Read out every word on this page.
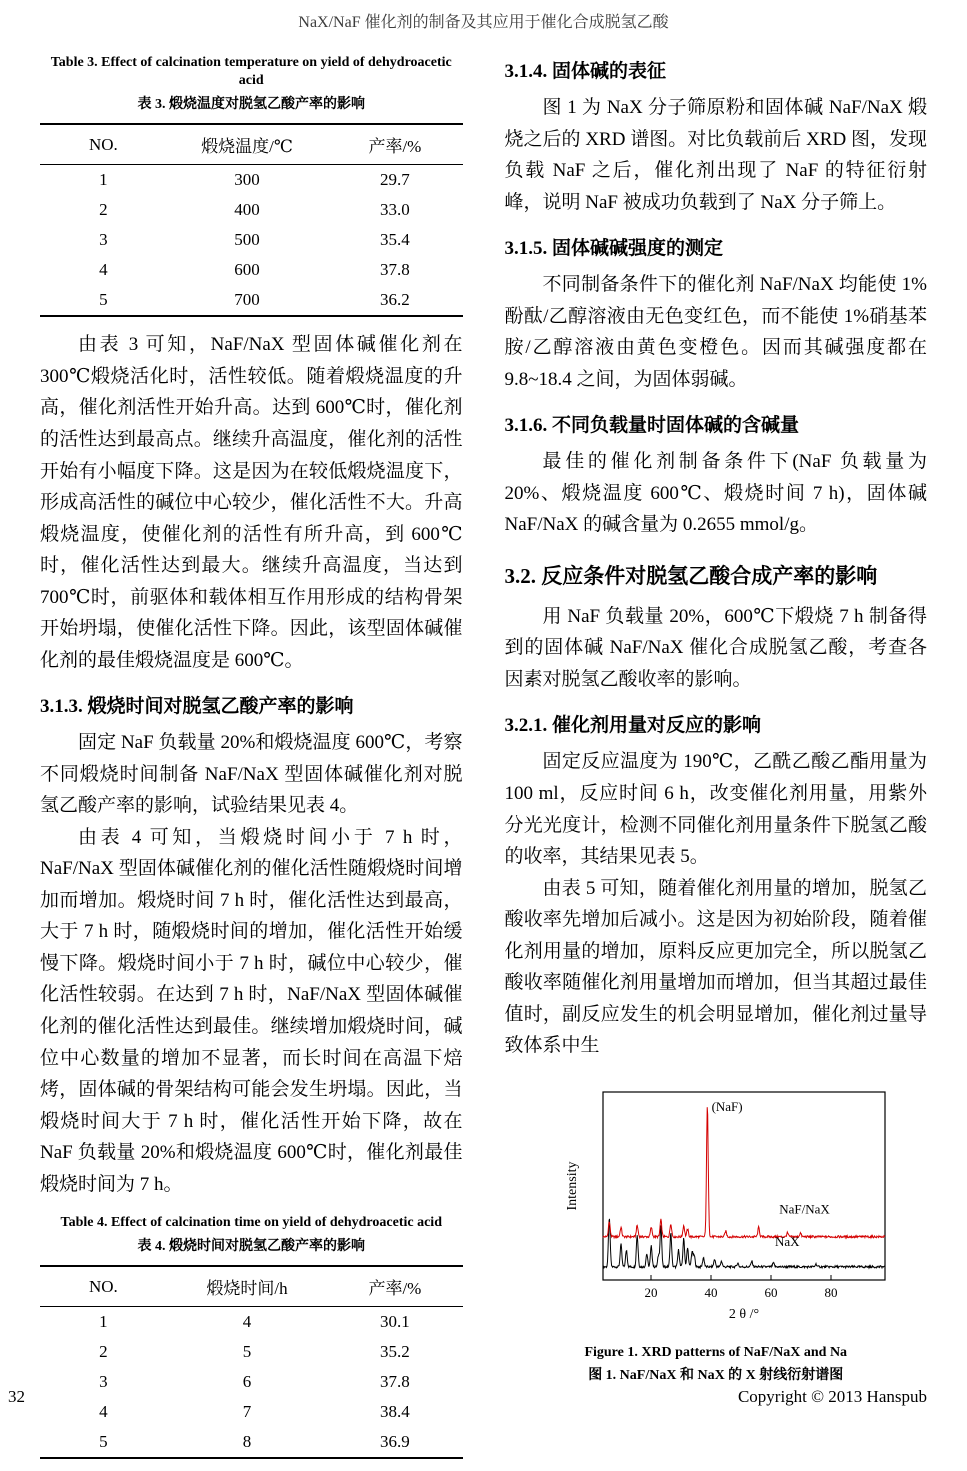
NaX/NaF 催化剂的制备及其应用于催化合成脱氢乙酸
Table 3. Effect of calcination temperature on yield of dehydroacetic acid
表 3. 煅烧温度对脱氢乙酸产率的影响
NO.	煅烧温度/℃	产率/%
1	300	29.7
2	400	33.0
3	500	35.4
4	600	37.8
5	700	36.2

由表 3 可知，NaF/NaX 型固体碱催化剂在 300℃煅烧活化时，活性较低。随着煅烧温度的升高，催化剂活性开始升高。达到 600℃时，催化剂的活性达到最高点。继续升高温度，催化剂的活性开始有小幅度下降。这是因为在较低煅烧温度下，形成高活性的碱位中心较少，催化活性不大。升高煅烧温度，使催化剂的活性有所升高，到 600℃时，催化活性达到最大。继续升高温度，当达到 700℃时，前驱体和载体相互作用形成的结构骨架开始坍塌，使催化活性下降。因此，该型固体碱催化剂的最佳煅烧温度是 600℃。

3.1.3. 煅烧时间对脱氢乙酸产率的影响

固定 NaF 负载量 20%和煅烧温度 600℃，考察不同煅烧时间制备 NaF/NaX 型固体碱催化剂对脱氢乙酸产率的影响，试验结果见表 4。

由表 4 可知，当煅烧时间小于 7 h 时，NaF/NaX 型固体碱催化剂的催化活性随煅烧时间增加而增加。煅烧时间 7 h 时，催化活性达到最高，大于 7 h 时，随煅烧时间的增加，催化活性开始缓慢下降。煅烧时间小于 7 h 时，碱位中心较少，催化活性较弱。在达到 7 h 时，NaF/NaX 型固体碱催化剂的催化活性达到最佳。继续增加煅烧时间，碱位中心数量的增加不显著，而长时间在高温下焙烤，固体碱的骨架结构可能会发生坍塌。因此，当煅烧时间大于 7 h 时，催化活性开始下降，故在 NaF 负载量 20%和煅烧温度 600℃时，催化剂最佳煅烧时间为 7 h。

Table 4. Effect of calcination time on yield of dehydroacetic acid
表 4. 煅烧时间对脱氢乙酸产率的影响
NO.	煅烧时间/h	产率/%
1	4	30.1
2	5	35.2
3	6	37.8
4	7	38.4
5	8	36.9
3.1.4. 固体碱的表征

图 1 为 NaX 分子筛原粉和固体碱 NaF/NaX 煅烧之后的 XRD 谱图。对比负载前后 XRD 图，发现负载 NaF 之后，催化剂出现了 NaF 的特征衍射峰，说明 NaF 被成功负载到了 NaX 分子筛上。

3.1.5. 固体碱碱强度的测定

不同制备条件下的催化剂 NaF/NaX 均能使 1%酚酞/乙醇溶液由无色变红色，而不能使 1%硝基苯胺/乙醇溶液由黄色变橙色。因而其碱强度都在 9.8~18.4 之间，为固体弱碱。

3.1.6. 不同负载量时固体碱的含碱量

最佳的催化剂制备条件下(NaF 负载量为 20%、煅烧温度 600℃、煅烧时间 7 h)，固体碱 NaF/NaX 的碱含量为 0.2655 mmol/g。

3.2. 反应条件对脱氢乙酸合成产率的影响

用 NaF 负载量 20%，600℃下煅烧 7 h 制备得到的固体碱 NaF/NaX 催化合成脱氢乙酸，考查各因素对脱氢乙酸收率的影响。

3.2.1. 催化剂用量对反应的影响

固定反应温度为 190℃，乙酰乙酸乙酯用量为 100 ml，反应时间 6 h，改变催化剂用量，用紫外分光光度计，检测不同催化剂用量条件下脱氢乙酸的收率，其结果见表 5。

由表 5 可知，随着催化剂用量的增加，脱氢乙酸收率先增加后减小。这是因为初始阶段，随着催化剂用量的增加，原料反应更加完全，所以脱氢乙酸收率随催化剂用量增加而增加，但当其超过最佳值时，副反应发生的机会明显增加，催化剂过量导致体系中生

20	40	60	80
2 θ /°
Intensity
(NaF)
NaF/NaX
NaX
Figure 1. XRD patterns of NaF/NaX and Na
图 1. NaF/NaX 和 NaX 的 X 射线衍射谱图
32	Copyright © 2013 Hanspub
